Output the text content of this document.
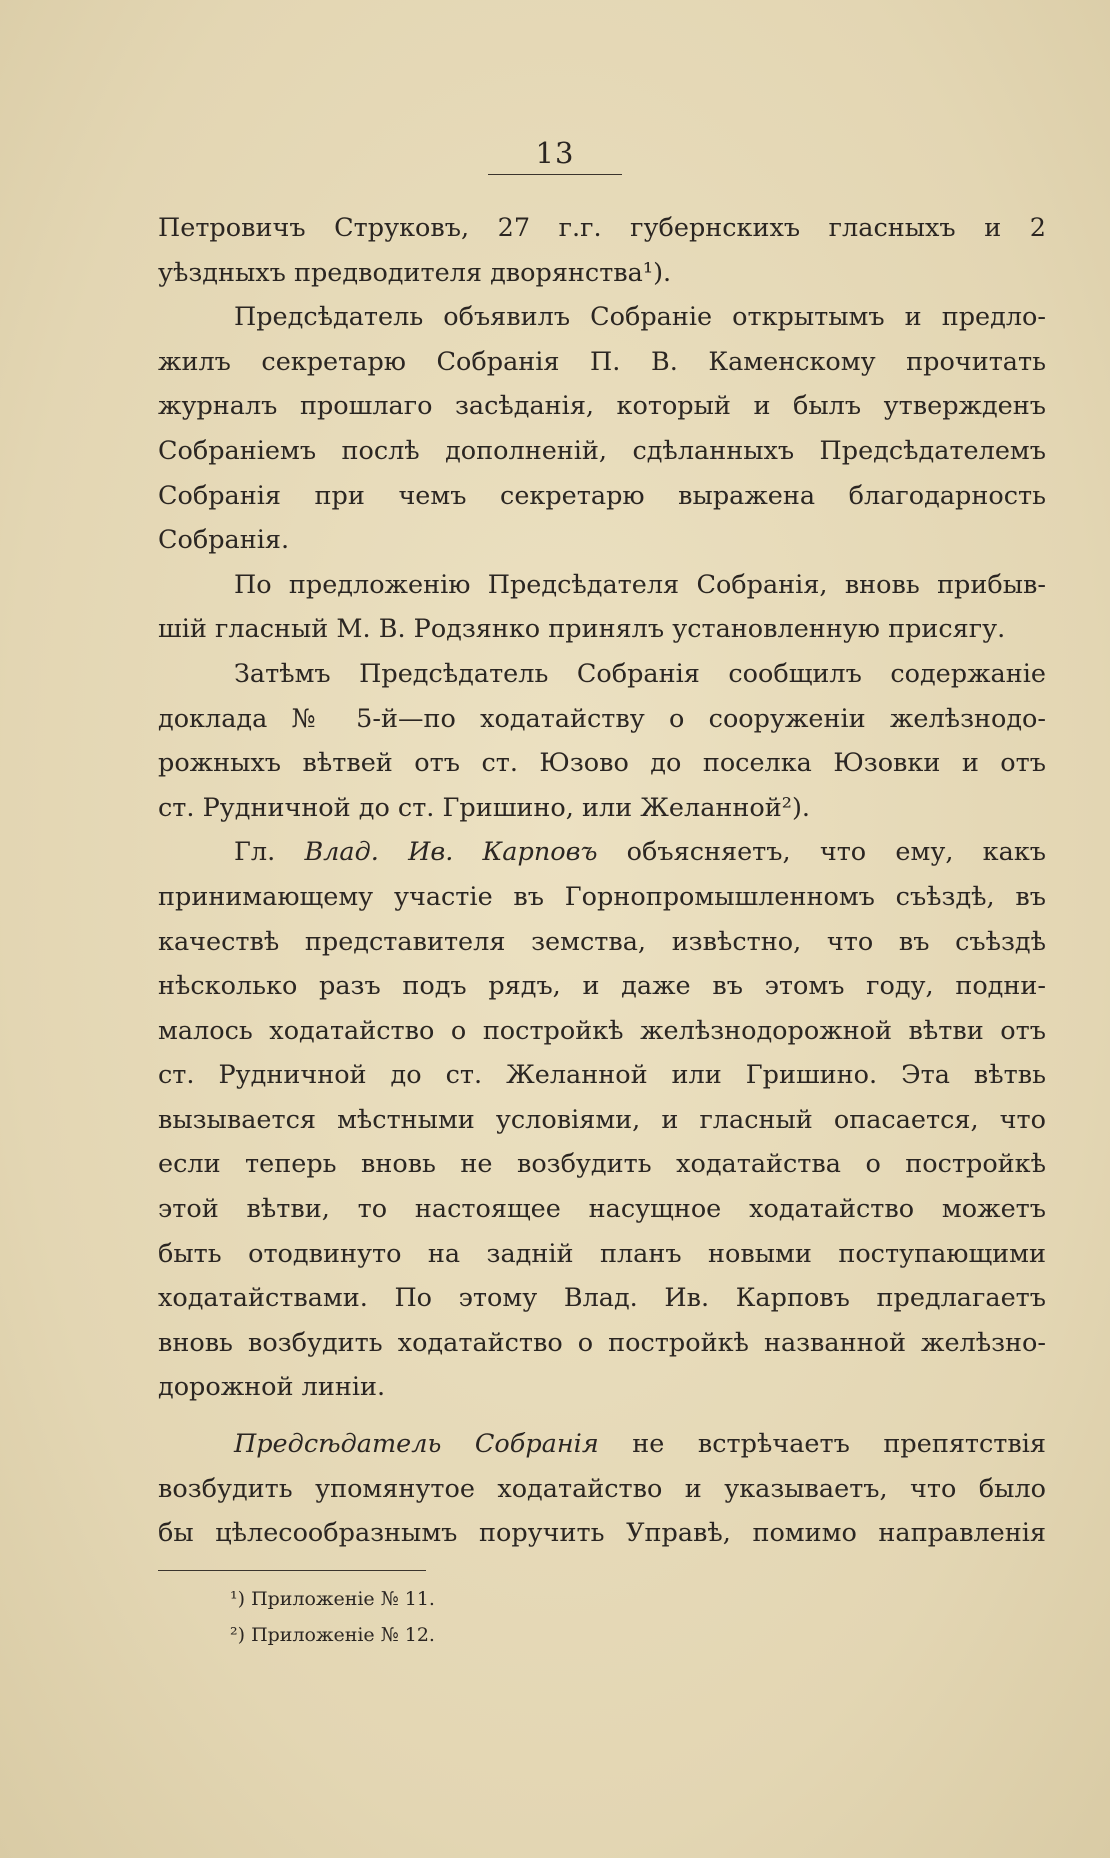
13
Петровичъ Струковъ, 27 г.г. губернскихъ гласныхъ и 2
уѣздныхъ предводителя дворянства¹).
Предсѣдатель объявилъ Собраніе открытымъ и предло-
жилъ секретарю Собранія П. В. Каменскому прочитать
журналъ прошлаго засѣданія, который и былъ утвержденъ
Собраніемъ послѣ дополненій, сдѣланныхъ Предсѣдателемъ
Собранія при чемъ секретарю выражена благодарность
Собранія.
По предложенію Предсѣдателя Собранія, вновь прибыв-
шій гласный М. В. Родзянко принялъ установленную присягу.
Затѣмъ Предсѣдатель Собранія сообщилъ содержаніе
доклада № 5-й—по ходатайству о сооруженіи желѣзнодо-
рожныхъ вѣтвей отъ ст. Юзово до поселка Юзовки и отъ
ст. Рудничной до ст. Гришино, или Желанной²).
Гл. Влад. Ив. Карповъ объясняетъ, что ему, какъ
принимающему участіе въ Горнопромышленномъ съѣздѣ, въ
качествѣ представителя земства, извѣстно, что въ съѣздѣ
нѣсколько разъ подъ рядъ, и даже въ этомъ году, подни-
малось ходатайство о постройкѣ желѣзнодорожной вѣтви отъ
ст. Рудничной до ст. Желанной или Гришино. Эта вѣтвь
вызывается мѣстными условіями, и гласный опасается, что
если теперь вновь не возбудить ходатайства о постройкѣ
этой вѣтви, то настоящее насущное ходатайство можетъ
быть отодвинуто на задній планъ новыми поступающими
ходатайствами. По этому Влад. Ив. Карповъ предлагаетъ
вновь возбудить ходатайство о постройкѣ названной желѣзно-
дорожной линіи.
Предсѣдатель Собранія не встрѣчаетъ препятствія
возбудить упомянутое ходатайство и указываетъ, что было
бы цѣлесообразнымъ поручить Управѣ, помимо направленія
¹) Приложеніе № 11.
²) Приложеніе № 12.
